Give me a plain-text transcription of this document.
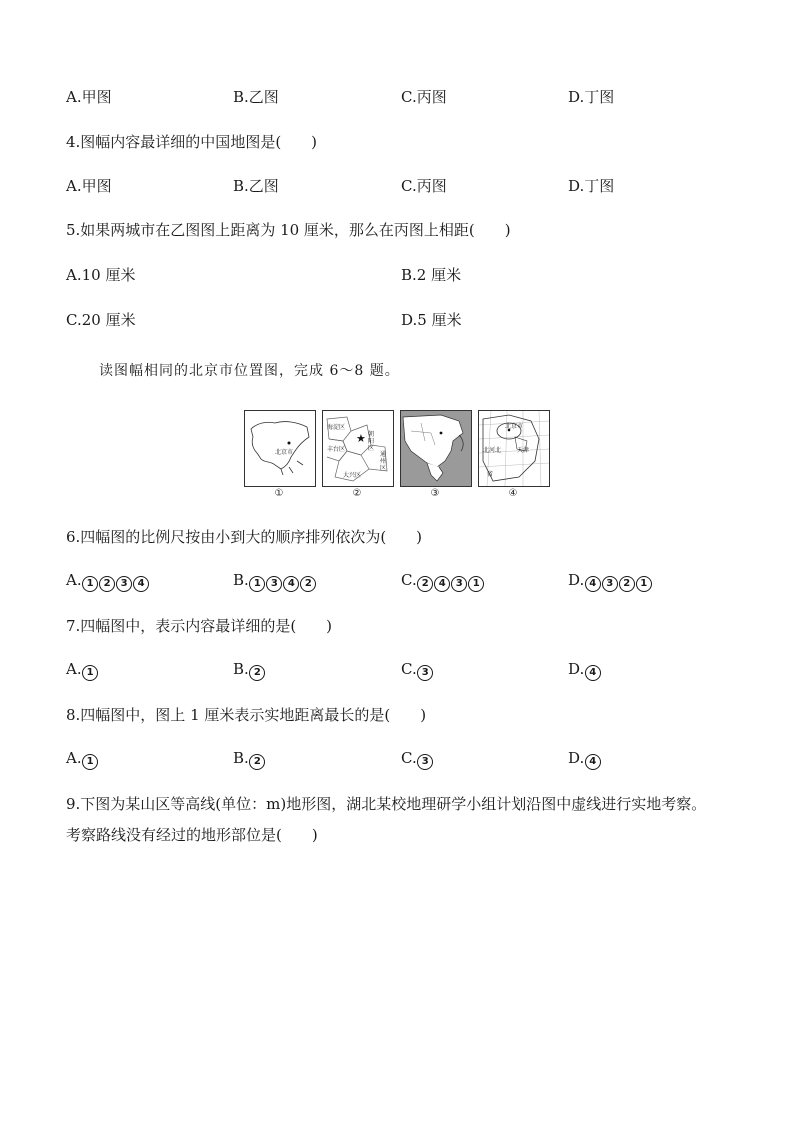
A.甲图	B.乙图	C.丙图	D.丁图
4.图幅内容最详细的中国地图是(　　)
A.甲图	B.乙图	C.丙图	D.丁图
5.如果两城市在乙图图上距离为 10 厘米，那么在丙图上相距(　　)
A.10 厘米	B.2 厘米
C.20 厘米	D.5 厘米
读图幅相同的北京市位置图，完成 6～8 题。
北京市
★
海淀区
朝阳区
丰台区
大兴区
通州区
北京市
北河北	天津
省
①	②	③	④
6.四幅图的比例尺按由小到大的顺序排列依次为(　　)
A. 1 2 3 4	B. 1 3 4 2	C. 2 4 3 1	D. 4 3 2 1
7.四幅图中，表示内容最详细的是(　　)
A. 1	B. 2	C. 3	D. 4
8.四幅图中，图上 1 厘米表示实地距离最长的是(　　)
A. 1	B. 2	C. 3	D. 4
9.下图为某山区等高线(单位：m)地形图，湖北某校地理研学小组计划沿图中虚线进行实地考察。
考察路线没有经过的地形部位是(　　)
